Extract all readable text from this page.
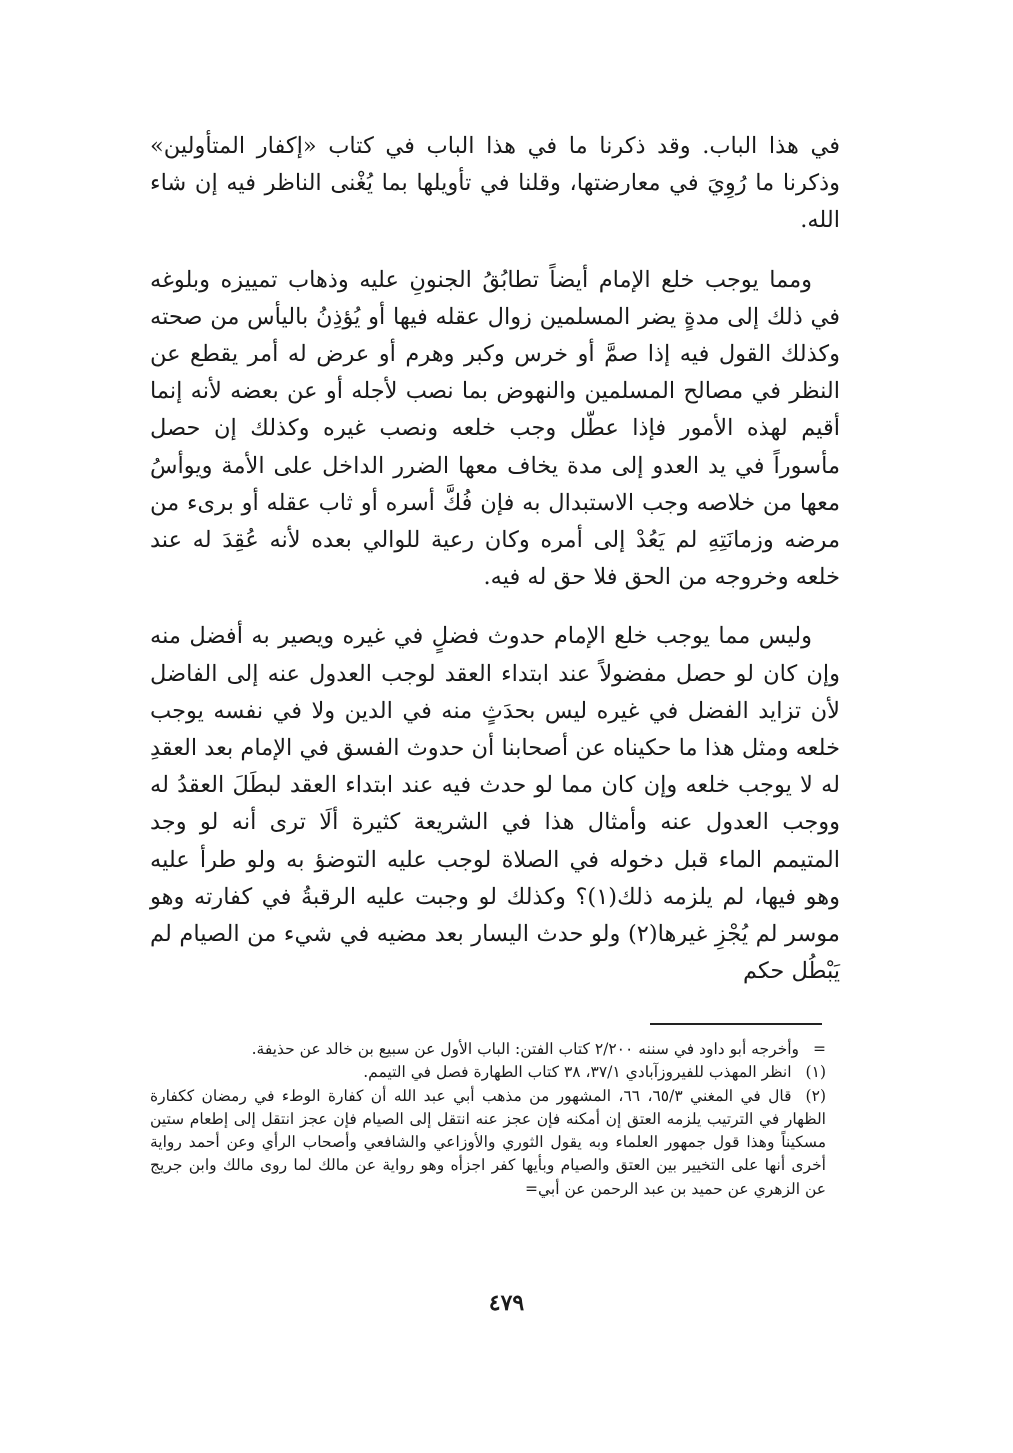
في هذا الباب. وقد ذكرنا ما في هذا الباب في كتاب «إكفار المتأولين» وذكرنا ما رُوِيَ في معارضتها، وقلنا في تأويلها بما يُغْنى الناظر فيه إن شاء الله.

ومما يوجب خلع الإمام أيضاً تطابُقُ الجنونِ عليه وذهاب تمييزه وبلوغه في ذلك إلى مدةٍ يضر المسلمين زوال عقله فيها أو يُؤذِنُ باليأس من صحته وكذلك القول فيه إذا صمَّ أو خرس وكبر وهرم أو عرض له أمر يقطع عن النظر في مصالح المسلمين والنهوض بما نصب لأجله أو عن بعضه لأنه إنما أقيم لهذه الأمور فإذا عطّل وجب خلعه ونصب غيره وكذلك إن حصل مأسوراً في يد العدو إلى مدة يخاف معها الضرر الداخل على الأمة ويوأسُ معها من خلاصه وجب الاستبدال به فإن فُكَّ أسره أو ثاب عقله أو برىء من مرضه وزمانَتِهِ لم يَعُدْ إلى أمره وكان رعية للوالي بعده لأنه عُقِدَ له عند خلعه وخروجه من الحق فلا حق له فيه.

وليس مما يوجب خلع الإمام حدوث فضلٍ في غيره ويصير به أفضل منه وإن كان لو حصل مفضولاً عند ابتداء العقد لوجب العدول عنه إلى الفاضل لأن تزايد الفضل في غيره ليس بحدَثٍ منه في الدين ولا في نفسه يوجب خلعه ومثل هذا ما حكيناه عن أصحابنا أن حدوث الفسق في الإمام بعد العقدِ له لا يوجب خلعه وإن كان مما لو حدث فيه عند ابتداء العقد لبطَلَ العقدُ له ووجب العدول عنه وأمثال هذا في الشريعة كثيرة ألَا ترى أنه لو وجد المتيمم الماء قبل دخوله في الصلاة لوجب عليه التوضؤ به ولو طرأ عليه وهو فيها، لم يلزمه ذلك(١)؟ وكذلك لو وجبت عليه الرقبةُ في كفارته وهو موسر لم يُجْزِ غيرها(٢) ولو حدث اليسار بعد مضيه في شيء من الصيام لم يَبْطُل حكم

=وأخرجه أبو داود في سننه ٢/٢٠٠ كتاب الفتن: الباب الأول عن سبيع بن خالد عن حذيفة.

(١)انظر المهذب للفيروزآبادي ٣٧/١، ٣٨ كتاب الطهارة فصل في التيمم.

(٢)قال في المغني ٦٥/٣، ٦٦، المشهور من مذهب أبي عبد الله أن كفارة الوطء في رمضان ككفارة الظهار في الترتيب يلزمه العتق إن أمكنه فإن عجز عنه انتقل إلى الصيام فإن عجز انتقل إلى إطعام ستين مسكيناً وهذا قول جمهور العلماء وبه يقول الثوري والأوزاعي والشافعي وأصحاب الرأي وعن أحمد رواية أخرى أنها على التخيير بين العتق والصيام وبأيها كفر اجزأه وهو رواية عن مالك لما روى مالك وابن جريج عن الزهري عن حميد بن عبد الرحمن عن أبي=

٤٧٩
